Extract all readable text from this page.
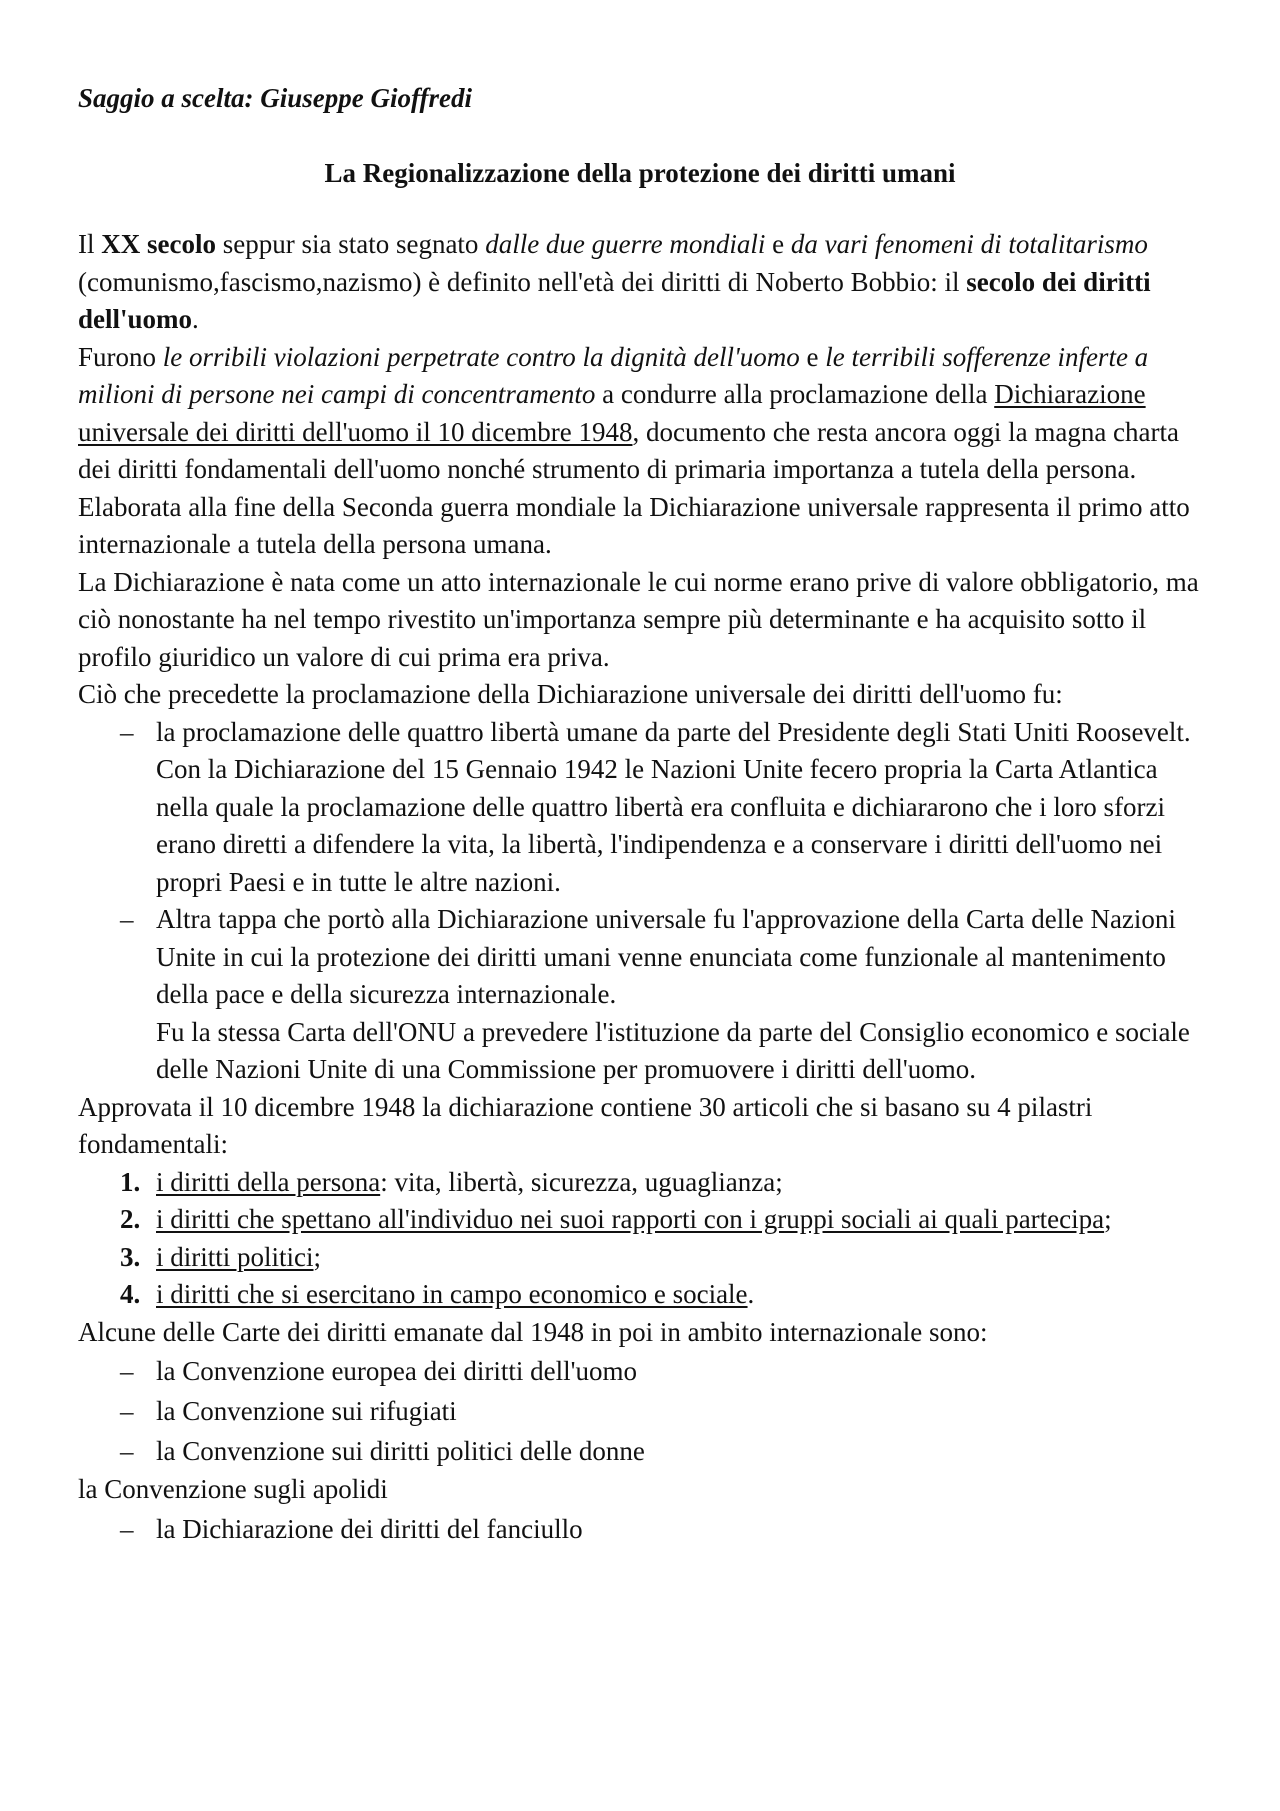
Saggio a scelta: Giuseppe Gioffredi

La Regionalizzazione della protezione dei diritti umani

Il XX secolo seppur sia stato segnato dalle due guerre mondiali e da vari fenomeni di totalitarismo (comunismo,fascismo,nazismo) è definito nell'età dei diritti di Noberto Bobbio: il secolo dei diritti dell'uomo.

Furono le orribili violazioni perpetrate contro la dignità dell'uomo e le terribili sofferenze inferte a milioni di persone nei campi di concentramento a condurre alla proclamazione della Dichiarazione universale dei diritti dell'uomo il 10 dicembre 1948, documento che resta ancora oggi la magna charta dei diritti fondamentali dell'uomo nonché strumento di primaria importanza a tutela della persona.

Elaborata alla fine della Seconda guerra mondiale la Dichiarazione universale rappresenta il primo atto internazionale a tutela della persona umana.

La Dichiarazione è nata come un atto internazionale le cui norme erano prive di valore obbligatorio, ma ciò nonostante ha nel tempo rivestito un'importanza sempre più determinante e ha acquisito sotto il profilo giuridico un valore di cui prima era priva.

Ciò che precedette la proclamazione della Dichiarazione universale dei diritti dell'uomo fu:

– la proclamazione delle quattro libertà umane da parte del Presidente degli Stati Uniti Roosevelt. Con la Dichiarazione del 15 Gennaio 1942 le Nazioni Unite fecero propria la Carta Atlantica nella quale la proclamazione delle quattro libertà era confluita e dichiararono che i loro sforzi erano diretti a difendere la vita, la libertà, l'indipendenza e a conservare i diritti dell'uomo nei propri Paesi e in tutte le altre nazioni.
– Altra tappa che portò alla Dichiarazione universale fu l'approvazione della Carta delle Nazioni Unite in cui la protezione dei diritti umani venne enunciata come funzionale al mantenimento della pace e della sicurezza internazionale.
Fu la stessa Carta dell'ONU a prevedere l'istituzione da parte del Consiglio economico e sociale delle Nazioni Unite di una Commissione per promuovere i diritti dell'uomo.

Approvata il 10 dicembre 1948 la dichiarazione contiene 30 articoli che si basano su 4 pilastri fondamentali:

1. i diritti della persona: vita, libertà, sicurezza, uguaglianza;
2. i diritti che spettano all'individuo nei suoi rapporti con i gruppi sociali ai quali partecipa;
3. i diritti politici;
4. i diritti che si esercitano in campo economico e sociale.

Alcune delle Carte dei diritti emanate dal 1948 in poi in ambito internazionale sono:

– la Convenzione europea dei diritti dell'uomo
– la Convenzione sui rifugiati
– la Convenzione sui diritti politici delle donne

la Convenzione sugli apolidi

– la Dichiarazione dei diritti del fanciullo
